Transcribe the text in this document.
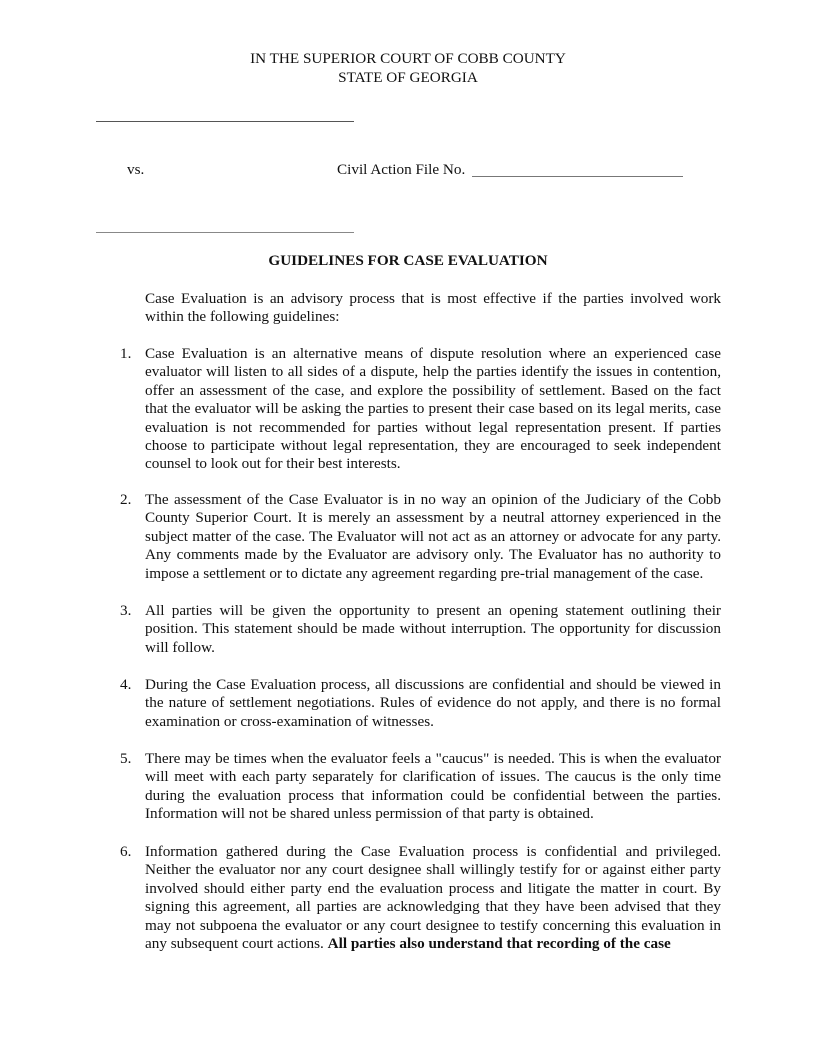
IN THE SUPERIOR COURT OF COBB COUNTY
STATE OF GEORGIA
vs.	Civil Action File No.
GUIDELINES FOR CASE EVALUATION
Case Evaluation is an advisory process that is most effective if the parties involved work within the following guidelines:
1. Case Evaluation is an alternative means of dispute resolution where an experienced case evaluator will listen to all sides of a dispute, help the parties identify the issues in contention, offer an assessment of the case, and explore the possibility of settlement. Based on the fact that the evaluator will be asking the parties to present their case based on its legal merits, case evaluation is not recommended for parties without legal representation present. If parties choose to participate without legal representation, they are encouraged to seek independent counsel to look out for their best interests.
2. The assessment of the Case Evaluator is in no way an opinion of the Judiciary of the Cobb County Superior Court. It is merely an assessment by a neutral attorney experienced in the subject matter of the case. The Evaluator will not act as an attorney or advocate for any party. Any comments made by the Evaluator are advisory only. The Evaluator has no authority to impose a settlement or to dictate any agreement regarding pre-trial management of the case.
3. All parties will be given the opportunity to present an opening statement outlining their position. This statement should be made without interruption. The opportunity for discussion will follow.
4. During the Case Evaluation process, all discussions are confidential and should be viewed in the nature of settlement negotiations. Rules of evidence do not apply, and there is no formal examination or cross-examination of witnesses.
5. There may be times when the evaluator feels a "caucus" is needed. This is when the evaluator will meet with each party separately for clarification of issues. The caucus is the only time during the evaluation process that information could be confidential between the parties. Information will not be shared unless permission of that party is obtained.
6. Information gathered during the Case Evaluation process is confidential and privileged. Neither the evaluator nor any court designee shall willingly testify for or against either party involved should either party end the evaluation process and litigate the matter in court. By signing this agreement, all parties are acknowledging that they have been advised that they may not subpoena the evaluator or any court designee to testify concerning this evaluation in any subsequent court actions. All parties also understand that recording of the case
